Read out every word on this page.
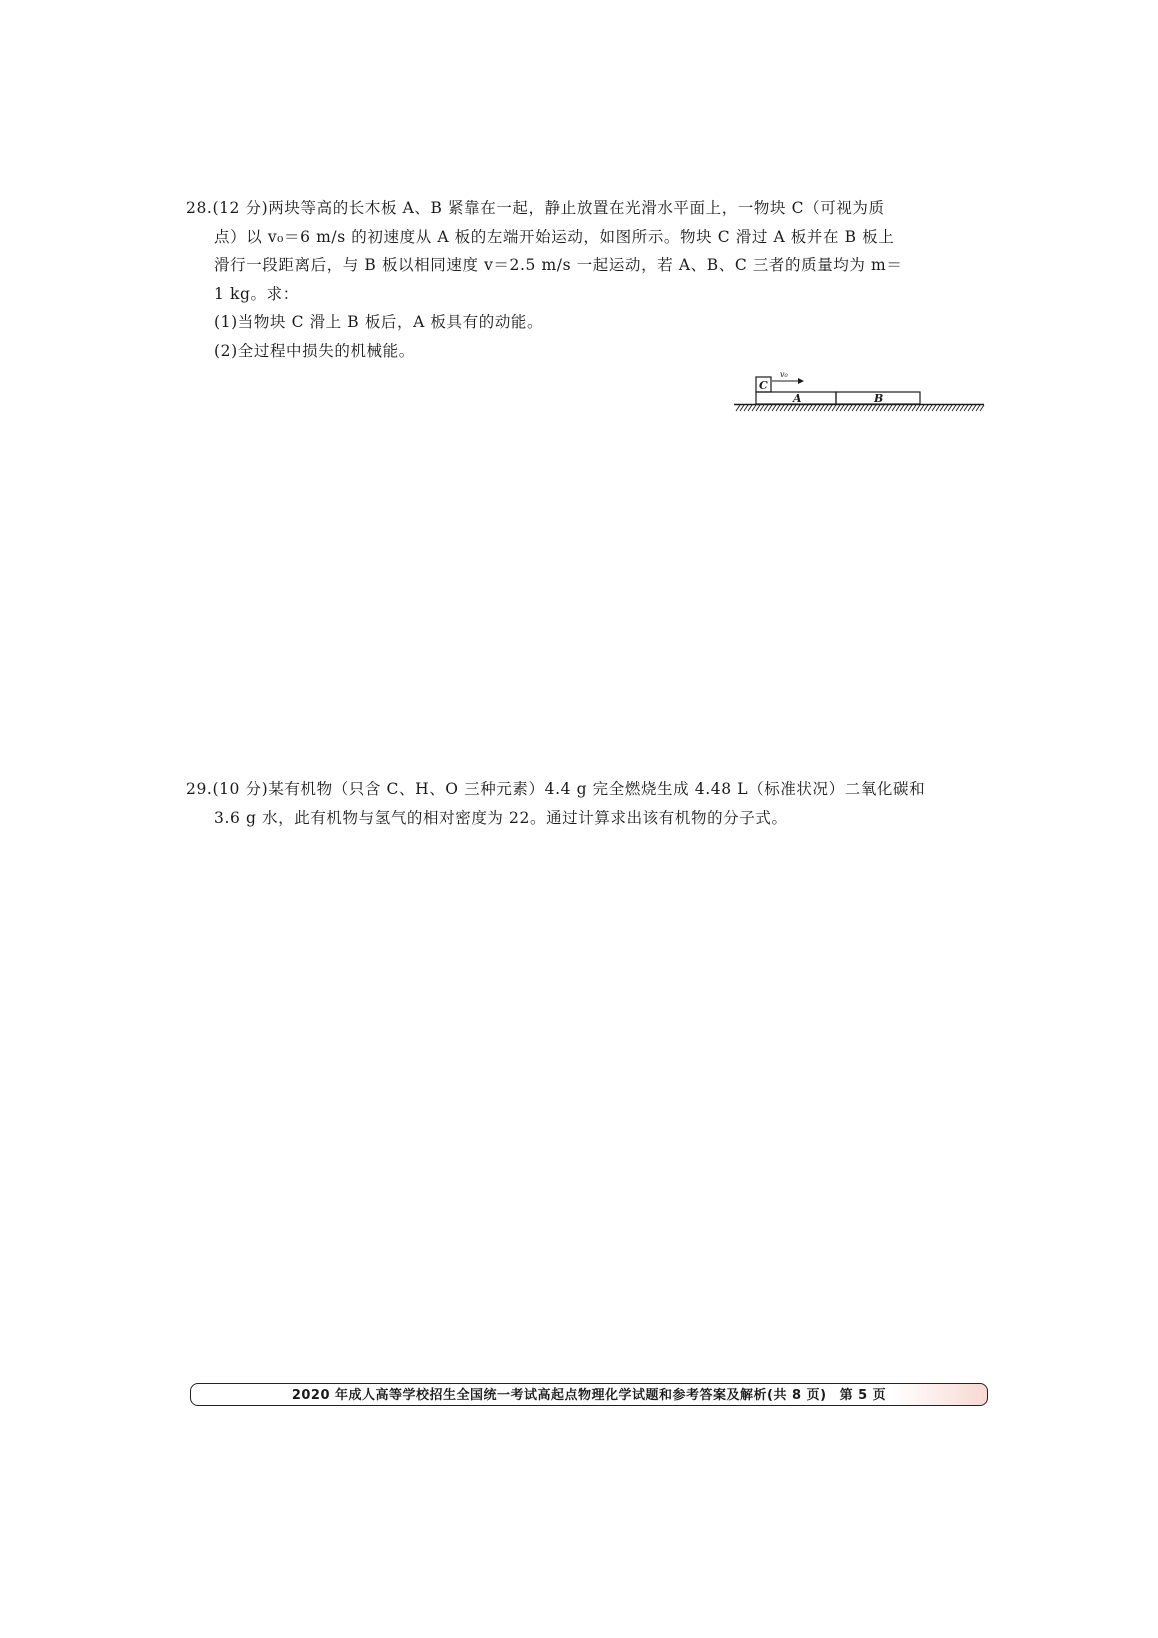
28.(12 分)两块等高的长木板 A、B 紧靠在一起，静止放置在光滑水平面上，一物块 C（可视为质
点）以 v₀＝6 m/s 的初速度从 A 板的左端开始运动，如图所示。物块 C 滑过 A 板并在 B 板上
滑行一段距离后，与 B 板以相同速度 v＝2.5 m/s 一起运动，若 A、B、C 三者的质量均为 m＝
1 kg。求：
(1)当物块 C 滑上 B 板后，A 板具有的动能。
(2)全过程中损失的机械能。
C
v₀
A	B
29.(10 分)某有机物（只含 C、H、O 三种元素）4.4 g 完全燃烧生成 4.48 L（标准状况）二氧化碳和
3.6 g 水，此有机物与氢气的相对密度为 22。通过计算求出该有机物的分子式。
2020 年成人高等学校招生全国统一考试高起点物理化学试题和参考答案及解析(共 8 页) 第 5 页
